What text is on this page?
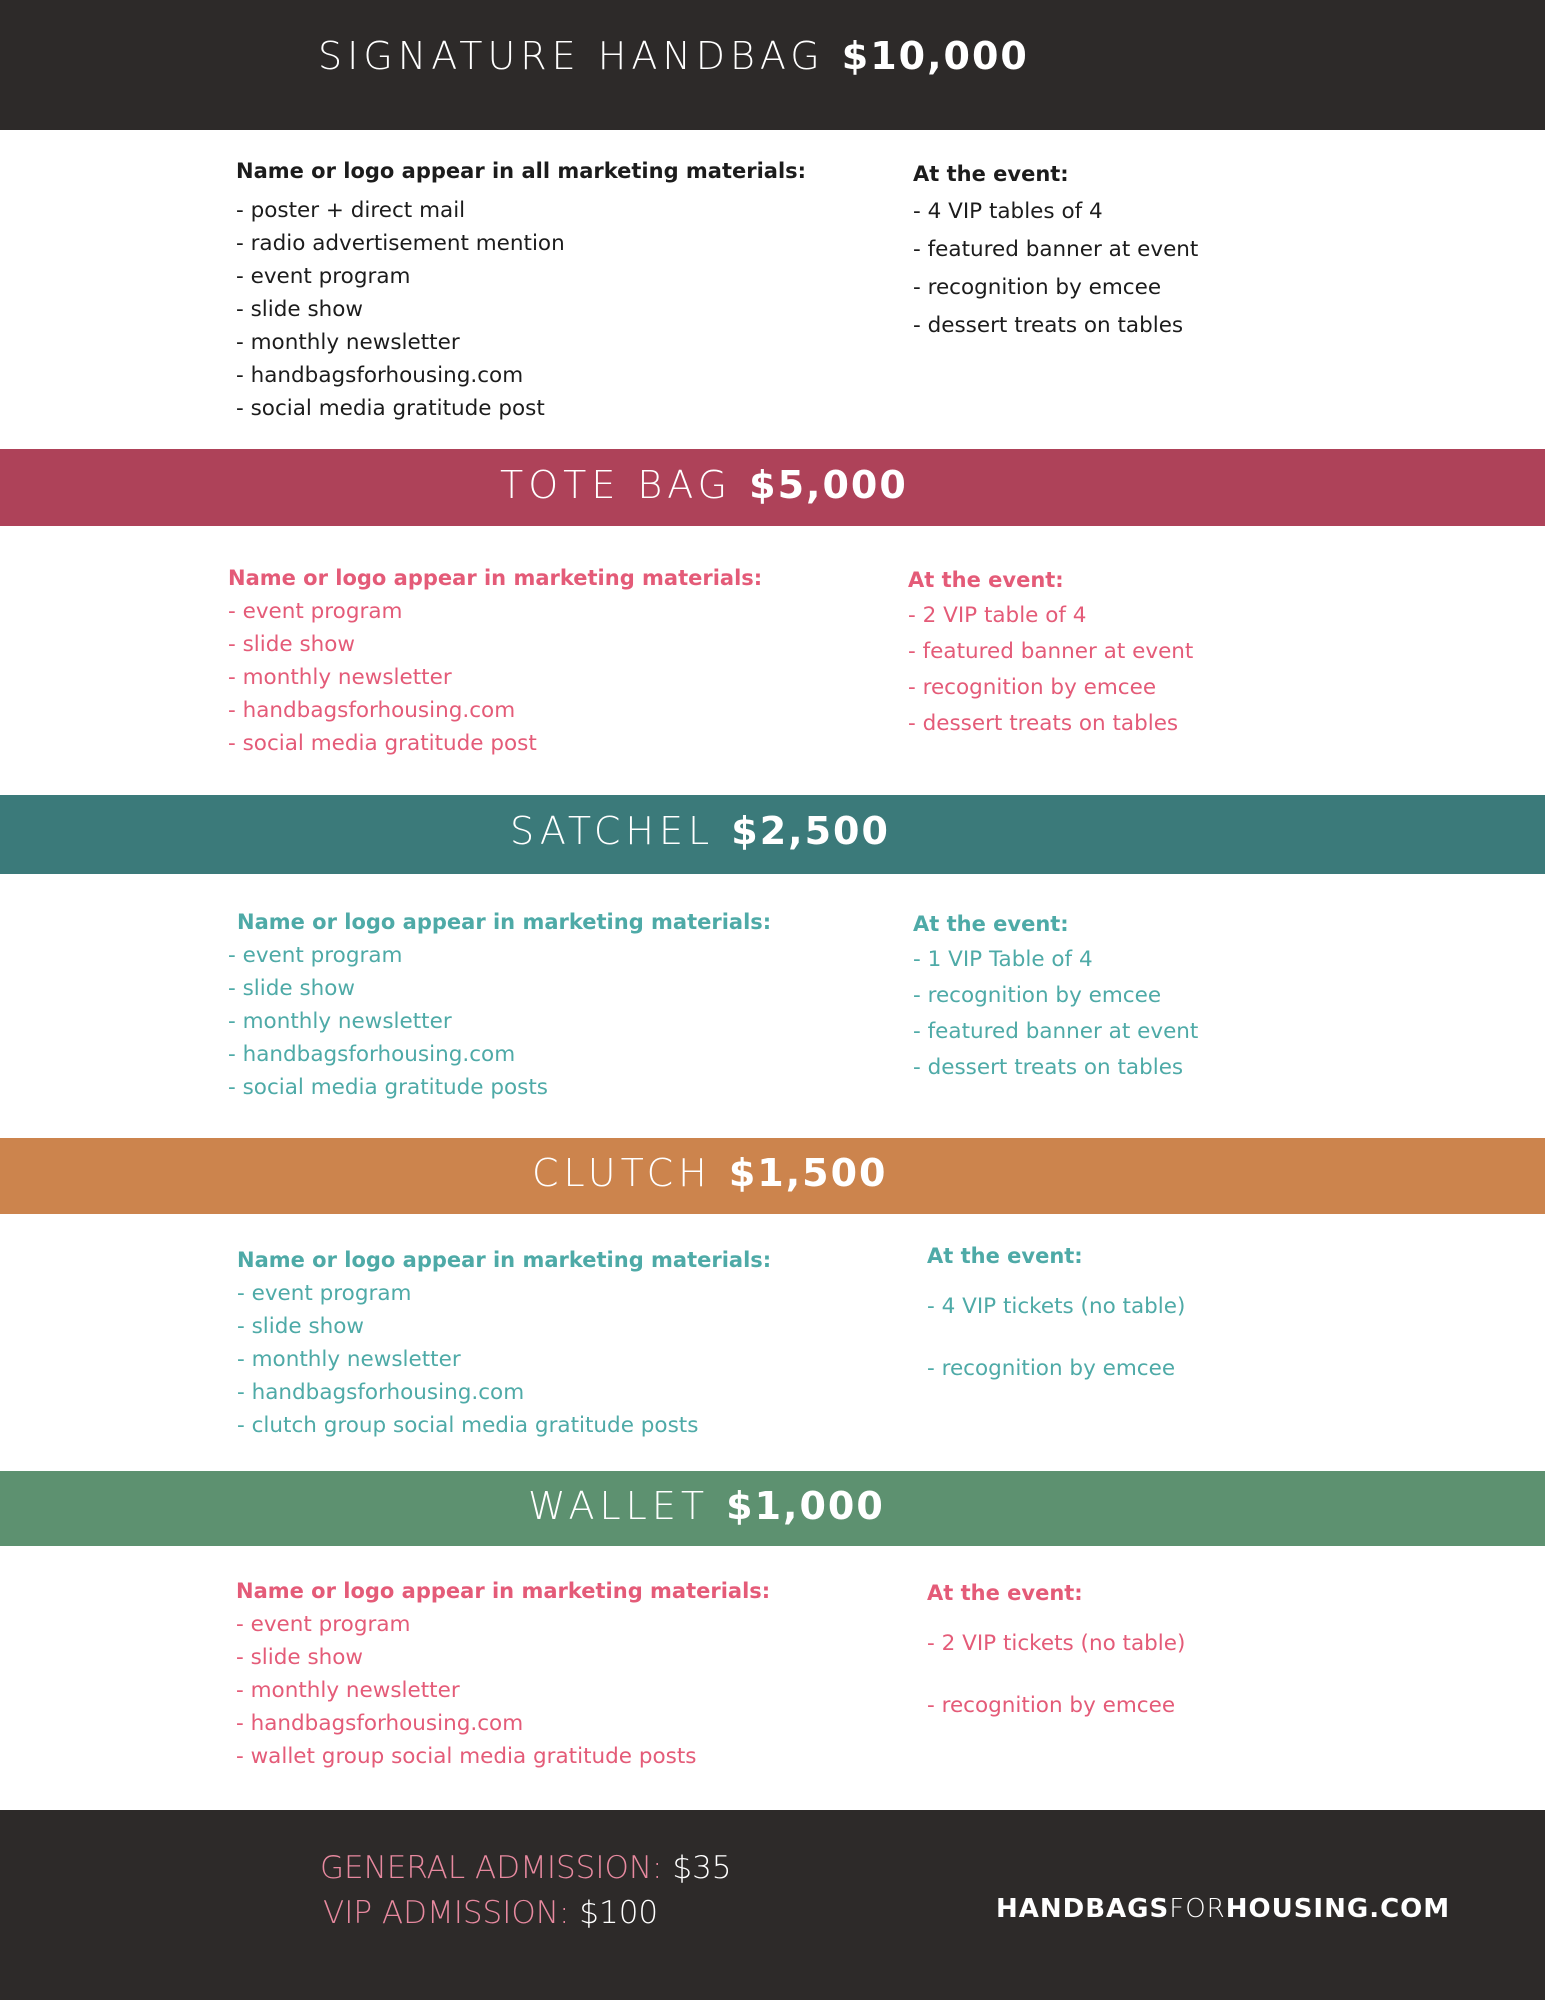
SIGNATURE HANDBAG $10,000
Name or logo appear in all marketing materials:
- poster + direct mail
- radio advertisement mention
- event program
- slide show
- monthly newsletter
- handbagsforhousing.com
- social media gratitude post
At the event:
- 4 VIP tables of 4
- featured banner at event
- recognition by emcee
- dessert treats on tables
TOTE BAG $5,000
Name or logo appear in marketing materials:
- event program
- slide show
- monthly newsletter
- handbagsforhousing.com
- social media gratitude post
At the event:
- 2 VIP table of 4
- featured banner at event
- recognition by emcee
- dessert treats on tables
SATCHEL $2,500
Name or logo appear in marketing materials:
- event program
- slide show
- monthly newsletter
- handbagsforhousing.com
- social media gratitude posts
At the event:
- 1 VIP Table of 4
- recognition by emcee
- featured banner at event
- dessert treats on tables
CLUTCH $1,500
Name or logo appear in marketing materials:
- event program
- slide show
- monthly newsletter
- handbagsforhousing.com
- clutch group social media gratitude posts
At the event:
- 4 VIP tickets (no table)
- recognition by emcee
WALLET $1,000
Name or logo appear in marketing materials:
- event program
- slide show
- monthly newsletter
- handbagsforhousing.com
- wallet group social media gratitude posts
At the event:
- 2 VIP tickets (no table)
- recognition by emcee
GENERAL ADMISSION: $35
VIP ADMISSION: $100	HANDBAGSFORHOUSING.COM
